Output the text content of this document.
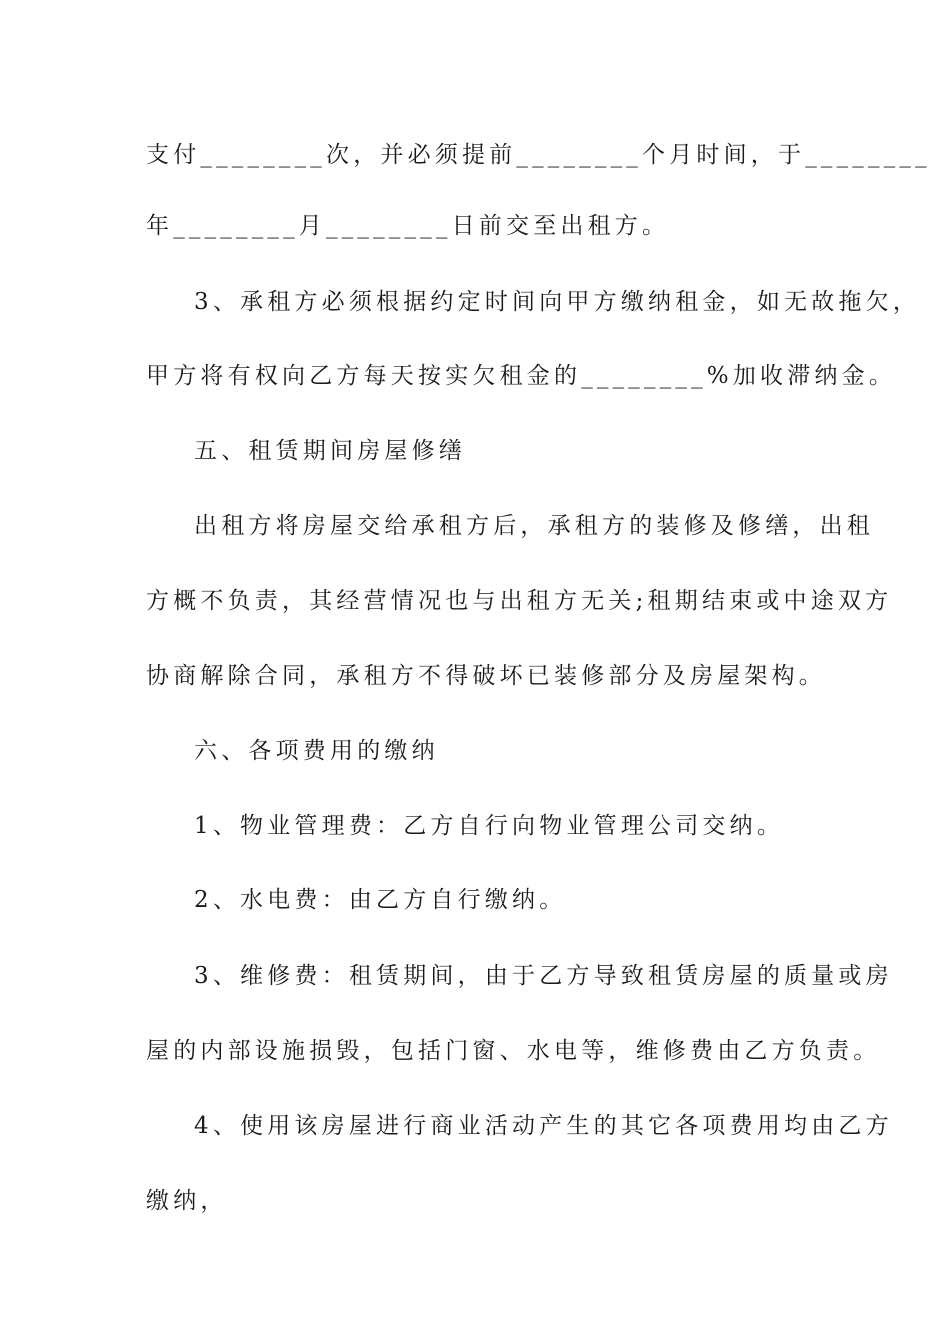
支付________次，并必须提前________个月时间，于________
年________月________日前交至出租方。
3、承租方必须根据约定时间向甲方缴纳租金，如无故拖欠，
甲方将有权向乙方每天按实欠租金的________%加收滞纳金。
五、租赁期间房屋修缮
出租方将房屋交给承租方后，承租方的装修及修缮，出租
方概不负责，其经营情况也与出租方无关;租期结束或中途双方
协商解除合同，承租方不得破坏已装修部分及房屋架构。
六、各项费用的缴纳
1、物业管理费：乙方自行向物业管理公司交纳。
2、水电费：由乙方自行缴纳。
3、维修费：租赁期间，由于乙方导致租赁房屋的质量或房
屋的内部设施损毁，包括门窗、水电等，维修费由乙方负责。
4、使用该房屋进行商业活动产生的其它各项费用均由乙方
缴纳，
